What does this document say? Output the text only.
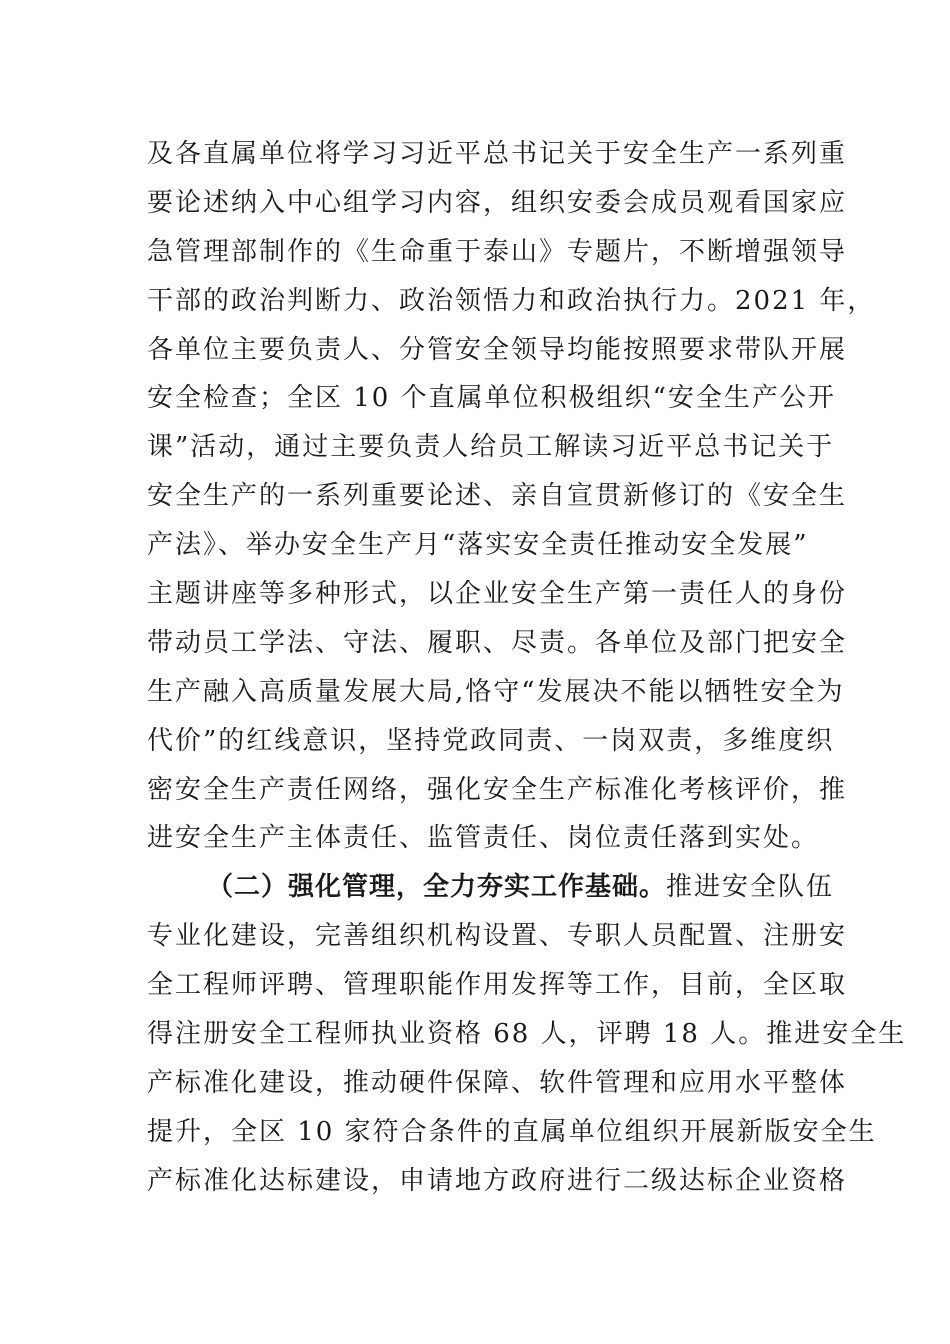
及各直属单位将学习习近平总书记关于安全生产一系列重
要论述纳入中心组学习内容，组织安委会成员观看国家应
急管理部制作的《生命重于泰山》专题片，不断增强领导
干部的政治判断力、政治领悟力和政治执行力。2021 年，
各单位主要负责人、分管安全领导均能按照要求带队开展
安全检查；全区 10 个直属单位积极组织“安全生产公开
课”活动，通过主要负责人给员工解读习近平总书记关于
安全生产的一系列重要论述、亲自宣贯新修订的《安全生
产法》、举办安全生产月“落实安全责任推动安全发展”
主题讲座等多种形式，以企业安全生产第一责任人的身份
带动员工学法、守法、履职、尽责。各单位及部门把安全
生产融入高质量发展大局,恪守“发展决不能以牺牲安全为
代价”的红线意识，坚持党政同责、一岗双责，多维度织
密安全生产责任网络，强化安全生产标准化考核评价，推
进安全生产主体责任、监管责任、岗位责任落到实处。
（二）强化管理，全力夯实工作基础。推进安全队伍
专业化建设，完善组织机构设置、专职人员配置、注册安
全工程师评聘、管理职能作用发挥等工作，目前，全区取
得注册安全工程师执业资格 68 人，评聘 18 人。推进安全生
产标准化建设，推动硬件保障、软件管理和应用水平整体
提升，全区 10 家符合条件的直属单位组织开展新版安全生
产标准化达标建设，申请地方政府进行二级达标企业资格
